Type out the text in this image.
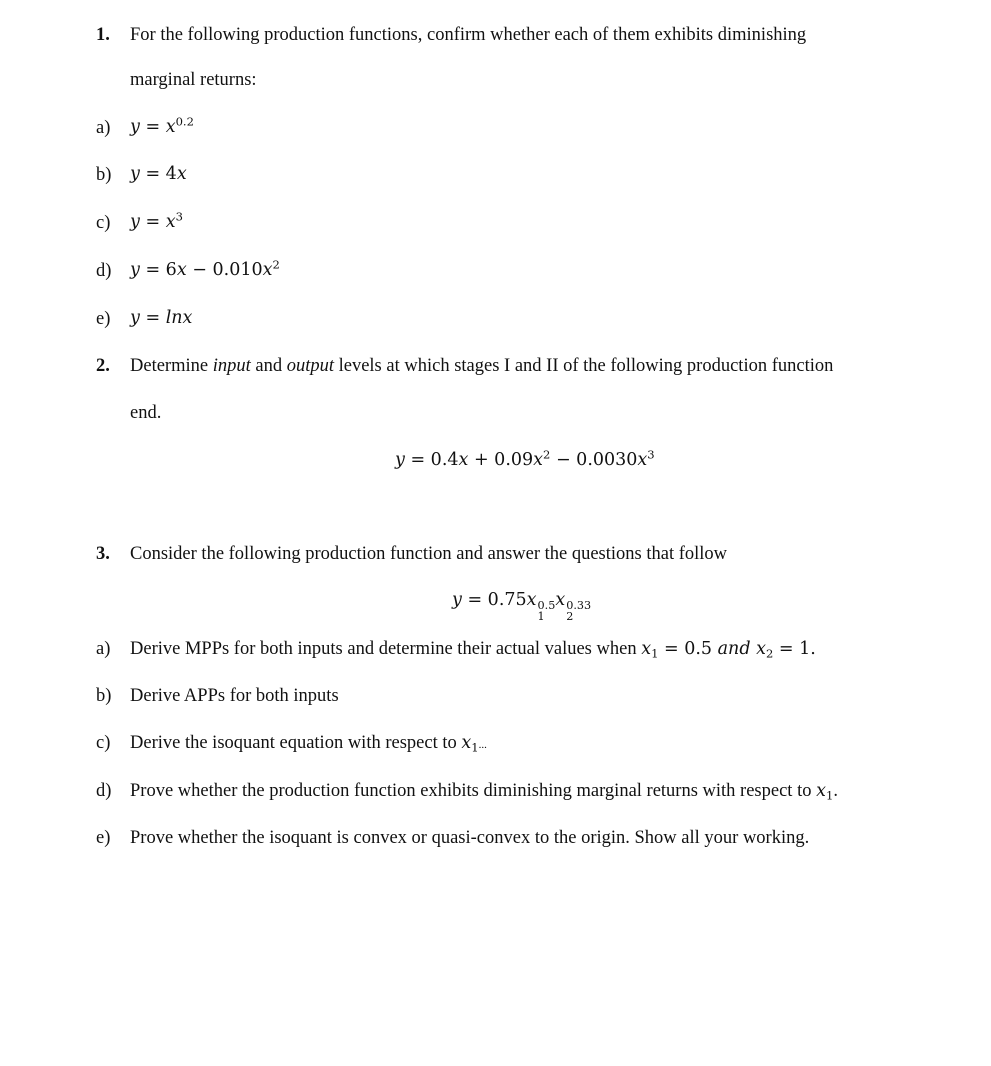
1. For the following production functions, confirm whether each of them exhibits diminishing
marginal returns:
a) $y = x^{0.2}$
b) y = 4x
c) $y = x^3$
d) $y = 6x - 0.010x^2$
e) y = lnx
2. Determine input and output levels at which stages I and II of the following production function
end.
$y = 0.4x + 0.09x^2 - 0.0030x^3$
3. Consider the following production function and answer the questions that follow
y = 0.75x 0.5
1
x 0.33
2
a) Derive MPPs for both inputs and determine their actual values when $x_1 = 0.5$ and $x_2 = 1$.
b) Derive APPs for both inputs
c) Derive the isoquant equation with respect to $x_1$...
d) Prove whether the production function exhibits diminishing marginal returns with respect to $x_1$.
e) Prove whether the isoquant is convex or quasi-convex to the origin. Show all your working.
